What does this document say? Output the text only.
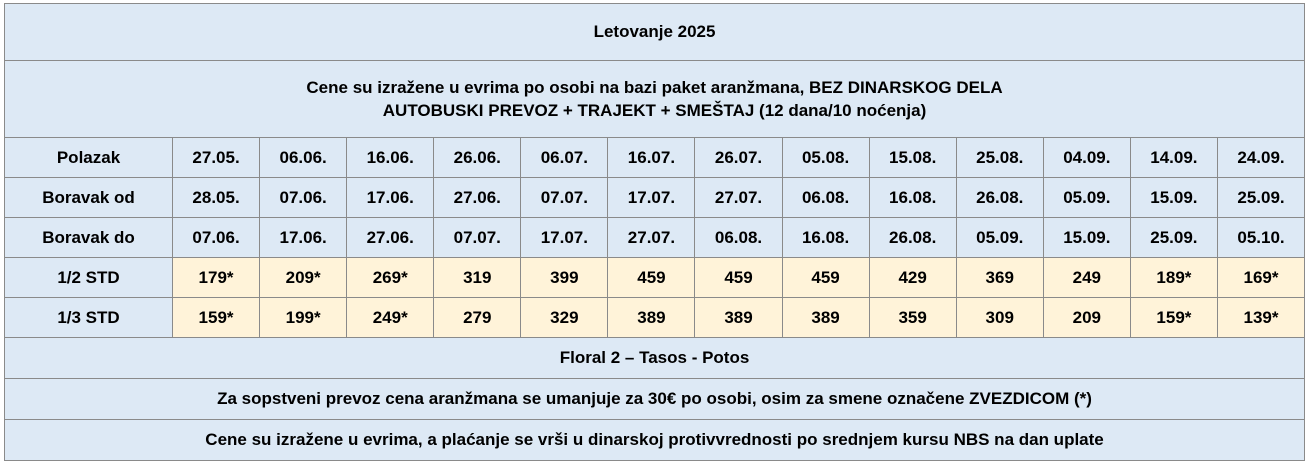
Letovanje 2025													

Cene su izražene u evrima po osobi na bazi paket aranžmana, BEZ DINARSKOG DELA
AUTOBUSKI PREVOZ + TRAJEKT + SMEŠTAJ (12 dana/10 noćenja)													

Polazak	27.05.	06.06.	16.06.	26.06.	06.07.	16.07.	26.07.	05.08.	15.08.	25.08.	04.09.	14.09.	24.09.
Boravak od	28.05.	07.06.	17.06.	27.06.	07.07.	17.07.	27.07.	06.08.	16.08.	26.08.	05.09.	15.09.	25.09.
Boravak do	07.06.	17.06.	27.06.	07.07.	17.07.	27.07.	06.08.	16.08.	26.08.	05.09.	15.09.	25.09.	05.10.
1/2 STD	179*	209*	269*	319	399	459	459	459	429	369	249	189*	169*
1/3 STD	159*	199*	249*	279	329	389	389	389	359	309	209	159*	139*
Floral 2 – Tasos - Potos													
Za sopstveni prevoz cena aranžmana se umanjuje za 30€ po osobi, osim za smene označene ZVEZDICOM (*)													
Cene su izražene u evrima, a plaćanje se vrši u dinarskoj protivvrednosti po srednjem kursu NBS na dan uplate													
